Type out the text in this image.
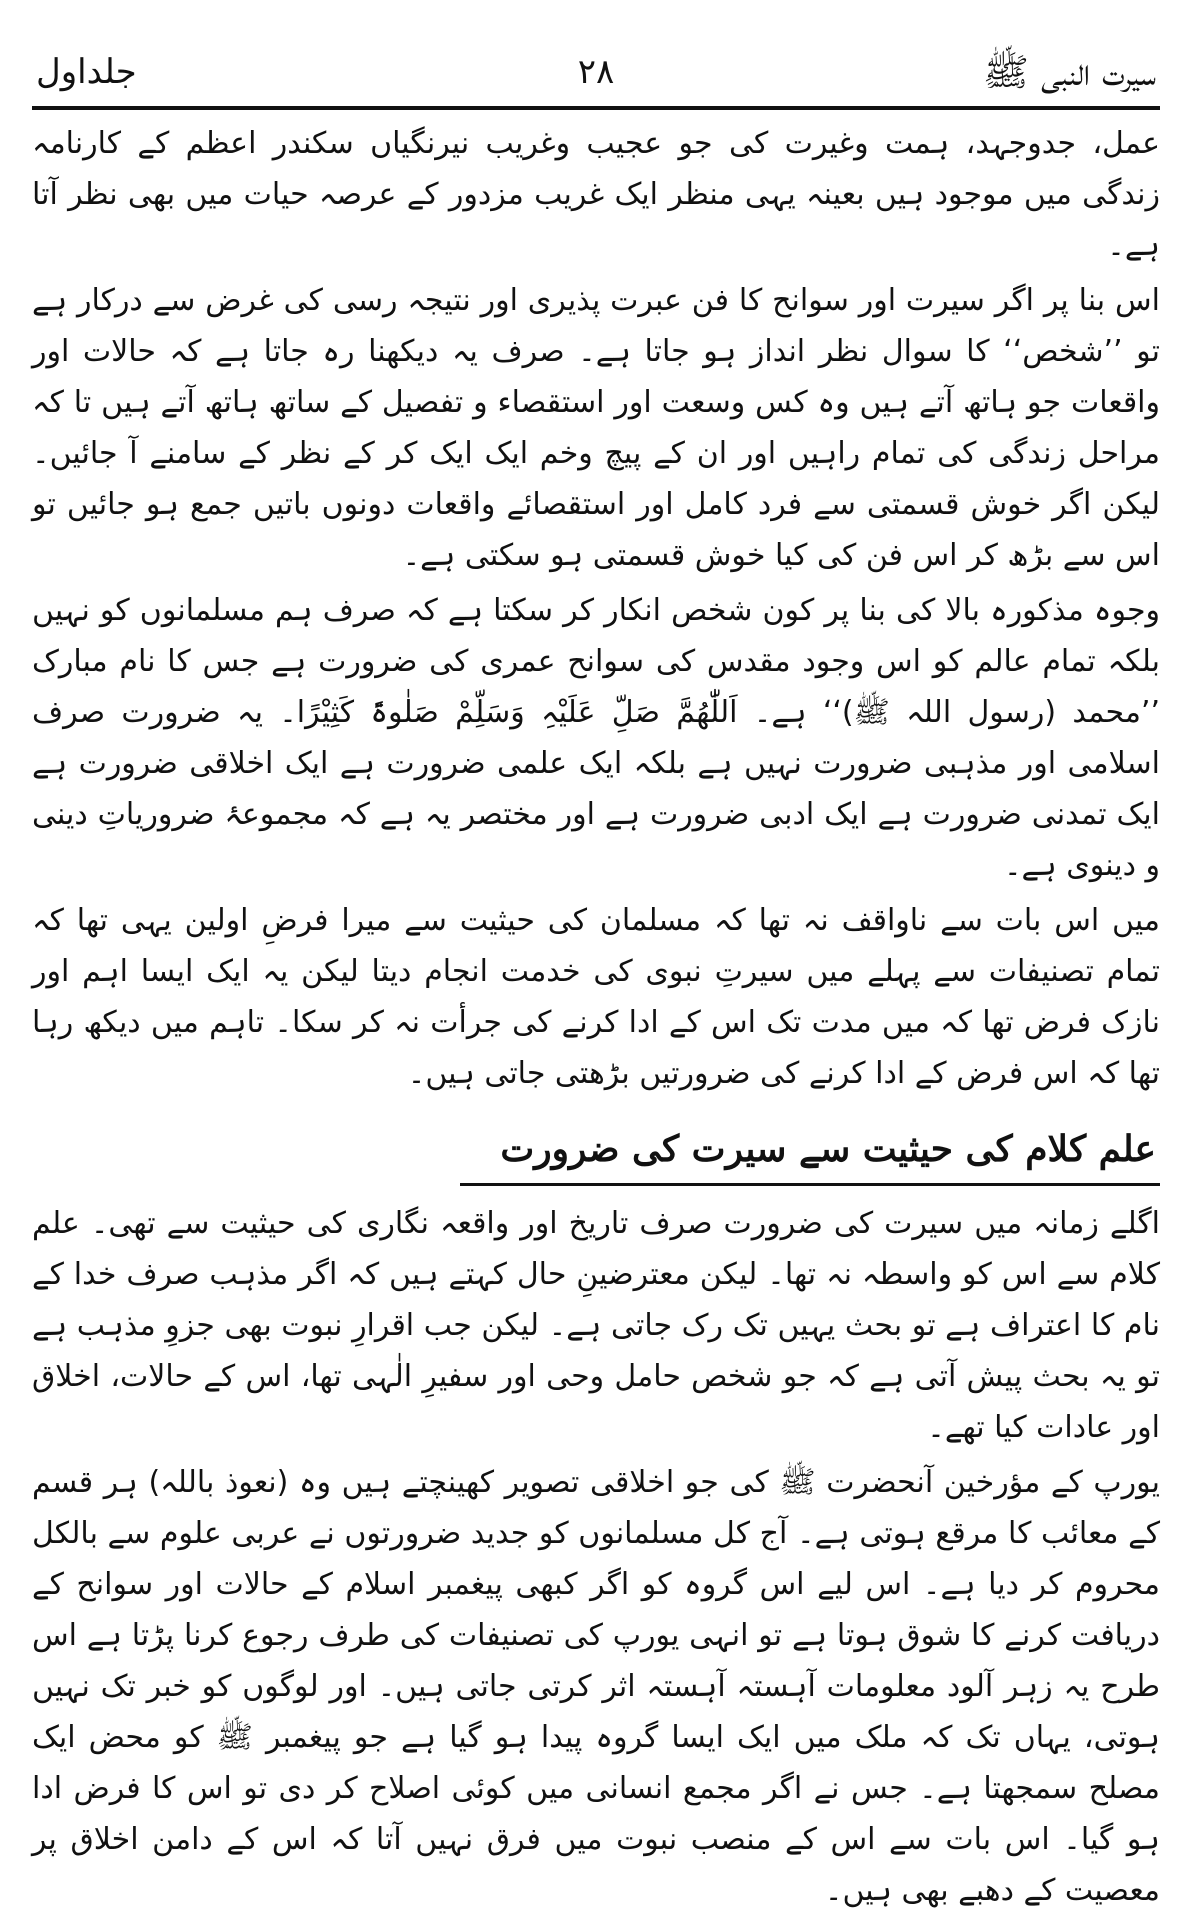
سیرت النبی ﷺ
۲۸
جلداول

عمل، جدوجہد، ہمت وغیرت کی جو عجیب وغریب نیرنگیاں سکندر اعظم کے کارنامہ زندگی میں موجود ہیں بعینہ یہی منظر ایک غریب مزدور کے عرصہ حیات میں بھی نظر آتا ہے۔

اس بنا پر اگر سیرت اور سوانح کا فن عبرت پذیری اور نتیجہ رسی کی غرض سے درکار ہے تو ’’شخص‘‘ کا سوال نظر انداز ہو جاتا ہے۔ صرف یہ دیکھنا رہ جاتا ہے کہ حالات اور واقعات جو ہاتھ آتے ہیں وہ کس وسعت اور استقصاء و تفصیل کے ساتھ ہاتھ آتے ہیں تا کہ مراحل زندگی کی تمام راہیں اور ان کے پیچ وخم ایک ایک کر کے نظر کے سامنے آ جائیں۔ لیکن اگر خوش قسمتی سے فرد کامل اور استقصائے واقعات دونوں باتیں جمع ہو جائیں تو اس سے بڑھ کر اس فن کی کیا خوش قسمتی ہو سکتی ہے۔

وجوہ مذکورہ بالا کی بنا پر کون شخص انکار کر سکتا ہے کہ صرف ہم مسلمانوں کو نہیں بلکہ تمام عالم کو اس وجود مقدس کی سوانح عمری کی ضرورت ہے جس کا نام مبارک ’’محمد (رسول اللہ ﷺ)‘‘ ہے۔ اَللّٰھُمَّ صَلِّ عَلَیْہِ وَسَلِّمْ صَلٰوۃً کَثِیْرًا۔ یہ ضرورت صرف اسلامی اور مذہبی ضرورت نہیں ہے بلکہ ایک علمی ضرورت ہے ایک اخلاقی ضرورت ہے ایک تمدنی ضرورت ہے ایک ادبی ضرورت ہے اور مختصر یہ ہے کہ مجموعۂ ضروریاتِ دینی و دینوی ہے۔

میں اس بات سے ناواقف نہ تھا کہ مسلمان کی حیثیت سے میرا فرضِ اولین یہی تھا کہ تمام تصنیفات سے پہلے میں سیرتِ نبوی کی خدمت انجام دیتا لیکن یہ ایک ایسا اہم اور نازک فرض تھا کہ میں مدت تک اس کے ادا کرنے کی جرأت نہ کر سکا۔ تاہم میں دیکھ رہا تھا کہ اس فرض کے ادا کرنے کی ضرورتیں بڑھتی جاتی ہیں۔

علم کلام کی حیثیت سے سیرت کی ضرورت

اگلے زمانہ میں سیرت کی ضرورت صرف تاریخ اور واقعہ نگاری کی حیثیت سے تھی۔ علم کلام سے اس کو واسطہ نہ تھا۔ لیکن معترضینِ حال کہتے ہیں کہ اگر مذہب صرف خدا کے نام کا اعتراف ہے تو بحث یہیں تک رک جاتی ہے۔ لیکن جب اقرارِ نبوت بھی جزوِ مذہب ہے تو یہ بحث پیش آتی ہے کہ جو شخص حامل وحی اور سفیرِ الٰہی تھا، اس کے حالات، اخلاق اور عادات کیا تھے۔

یورپ کے مؤرخین آنحضرت ﷺ کی جو اخلاقی تصویر کھینچتے ہیں وہ (نعوذ باللہ) ہر قسم کے معائب کا مرقع ہوتی ہے۔ آج کل مسلمانوں کو جدید ضرورتوں نے عربی علوم سے بالکل محروم کر دیا ہے۔ اس لیے اس گروہ کو اگر کبھی پیغمبر اسلام کے حالات اور سوانح کے دریافت کرنے کا شوق ہوتا ہے تو انہی یورپ کی تصنیفات کی طرف رجوع کرنا پڑتا ہے اس طرح یہ زہر آلود معلومات آہستہ آہستہ اثر کرتی جاتی ہیں۔ اور لوگوں کو خبر تک نہیں ہوتی، یہاں تک کہ ملک میں ایک ایسا گروہ پیدا ہو گیا ہے جو پیغمبر ﷺ کو محض ایک مصلح سمجھتا ہے۔ جس نے اگر مجمع انسانی میں کوئی اصلاح کر دی تو اس کا فرض ادا ہو گیا۔ اس بات سے اس کے منصب نبوت میں فرق نہیں آتا کہ اس کے دامن اخلاق پر معصیت کے دھبے بھی ہیں۔
